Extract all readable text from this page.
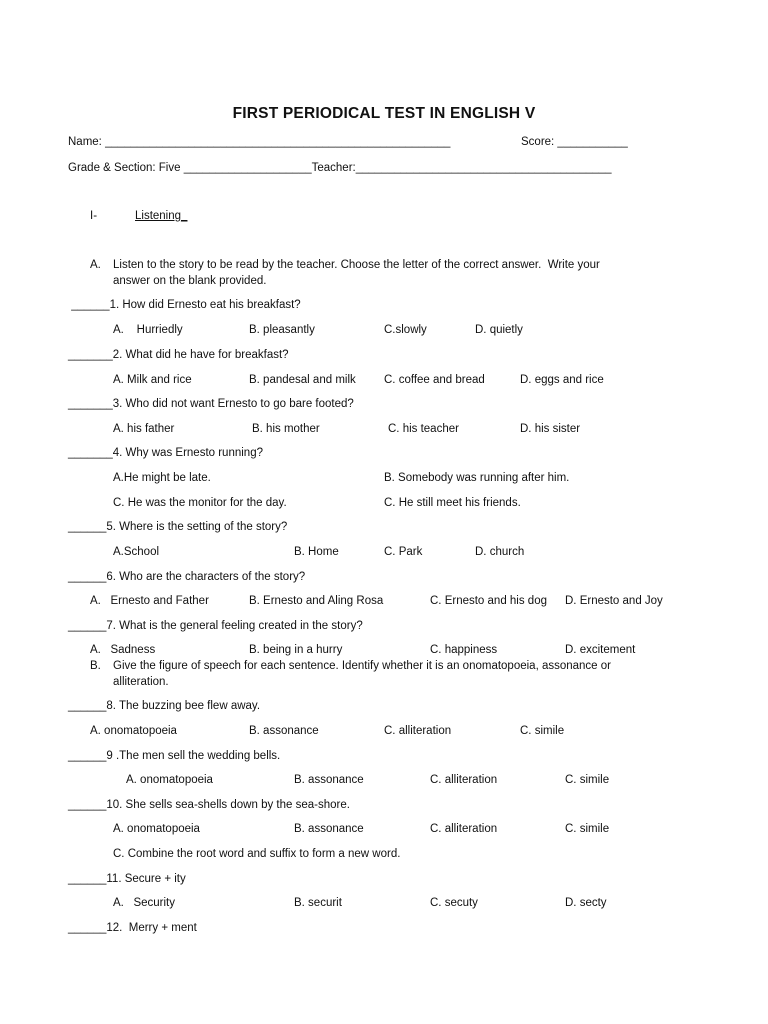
FIRST PERIODICAL TEST IN ENGLISH V
Name: ______________________________________________________	Score: ___________
Grade & Section: Five ____________________Teacher:________________________________________
I-	Listening_
A. Listen to the story to be read by the teacher. Choose the letter of the correct answer.  Write your
answer on the blank provided.
______1. How did Ernesto eat his breakfast?
A.    Hurriedly	B. pleasantly	C.slowly	D. quietly
_______2. What did he have for breakfast?
A. Milk and rice	B. pandesal and milk C. coffee and bread	D. eggs and rice
_______3. Who did not want Ernesto to go bare footed?
A. his father	B. his mother	C. his teacher	D. his sister
_______4. Why was Ernesto running?
A.He might be late.	B. Somebody was running after him.
C. He was the monitor for the day.	C. He still meet his friends.
______5. Where is the setting of the story?
A.School	B. Home	C. Park	D. church
______6. Who are the characters of the story?
A.   Ernesto and Father	B. Ernesto and Aling Rosa	C. Ernesto and his dog D. Ernesto and Joy
______7. What is the general feeling created in the story?
A.   Sadness	B. being in a hurry	C. happiness	D. excitement
B. Give the figure of speech for each sentence. Identify whether it is an onomatopoeia, assonance or
alliteration.
______8. The buzzing bee flew away.
A. onomatopoeia	B. assonance	C. alliteration	C. simile
______9 .The men sell the wedding bells.
A. onomatopoeia	B. assonance	C. alliteration	C. simile
______10. She sells sea-shells down by the sea-shore.
A. onomatopoeia	B. assonance	C. alliteration	C. simile
C. Combine the root word and suffix to form a new word.
______11. Secure + ity
A.   Security	B. securit	C. secuty	D. secty
______12.  Merry + ment
